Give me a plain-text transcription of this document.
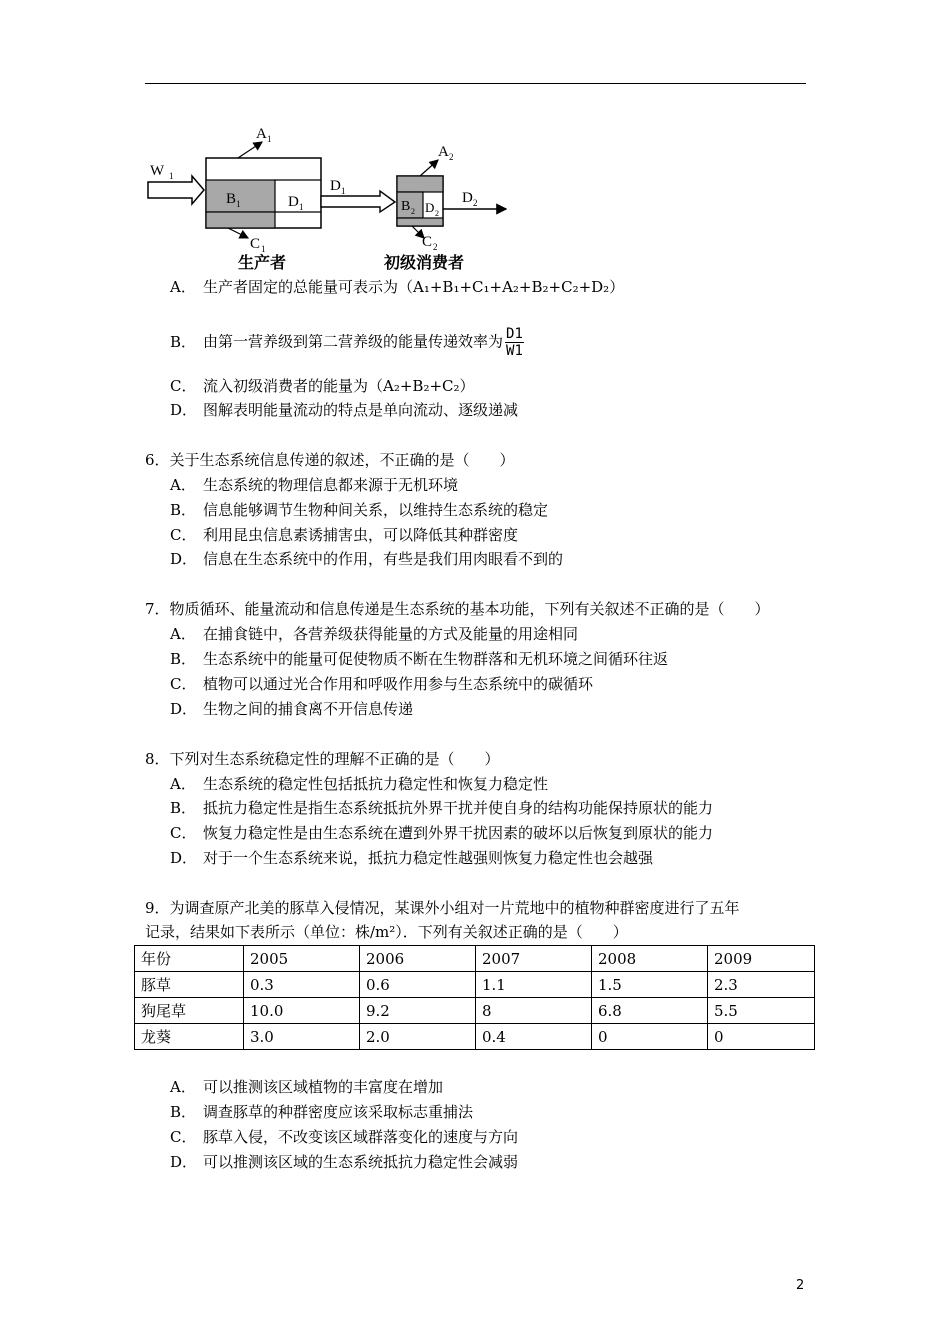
W 1
B 1	D 1
A 1
C 1
生产者
D 1
B 2 D 2
A 2
C 2
初级消费者
D 2
A． 生产者固定的总能量可表示为（A₁+B₁+C₁+A₂+B₂+C₂+D₂）
B． 由第一营养级到第二营养级的能量传递效率为 $\frac{D1}{W1}$
C． 流入初级消费者的能量为（A₂+B₂+C₂）
D． 图解表明能量流动的特点是单向流动、逐级递减
6．关于生态系统信息传递的叙述，不正确的是（　　）
A． 生态系统的物理信息都来源于无机环境
B． 信息能够调节生物种间关系，以维持生态系统的稳定
C． 利用昆虫信息素诱捕害虫，可以降低其种群密度
D． 信息在生态系统中的作用，有些是我们用肉眼看不到的
7．物质循环、能量流动和信息传递是生态系统的基本功能，下列有关叙述不正确的是（　　）
A． 在捕食链中，各营养级获得能量的方式及能量的用途相同
B． 生态系统中的能量可促使物质不断在生物群落和无机环境之间循环往返
C． 植物可以通过光合作用和呼吸作用参与生态系统中的碳循环
D． 生物之间的捕食离不开信息传递
8．下列对生态系统稳定性的理解不正确的是（　　）
A． 生态系统的稳定性包括抵抗力稳定性和恢复力稳定性
B． 抵抗力稳定性是指生态系统抵抗外界干扰并使自身的结构功能保持原状的能力
C． 恢复力稳定性是由生态系统在遭到外界干扰因素的破坏以后恢复到原状的能力
D． 对于一个生态系统来说，抵抗力稳定性越强则恢复力稳定性也会越强
9．为调查原产北美的豚草入侵情况，某课外小组对一片荒地中的植物种群密度进行了五年
记录，结果如下表所示（单位：株/m²）．下列有关叙述正确的是（　　）
年份	2005	2006	2007	2008	2009
豚草	0.3	0.6	1.1	1.5	2.3
狗尾草	10.0	9.2	8	6.8	5.5
龙葵	3.0	2.0	0.4	0	0
A． 可以推测该区域植物的丰富度在增加
B． 调查豚草的种群密度应该采取标志重捕法
C． 豚草入侵，不改变该区域群落变化的速度与方向
D． 可以推测该区域的生态系统抵抗力稳定性会减弱
2
